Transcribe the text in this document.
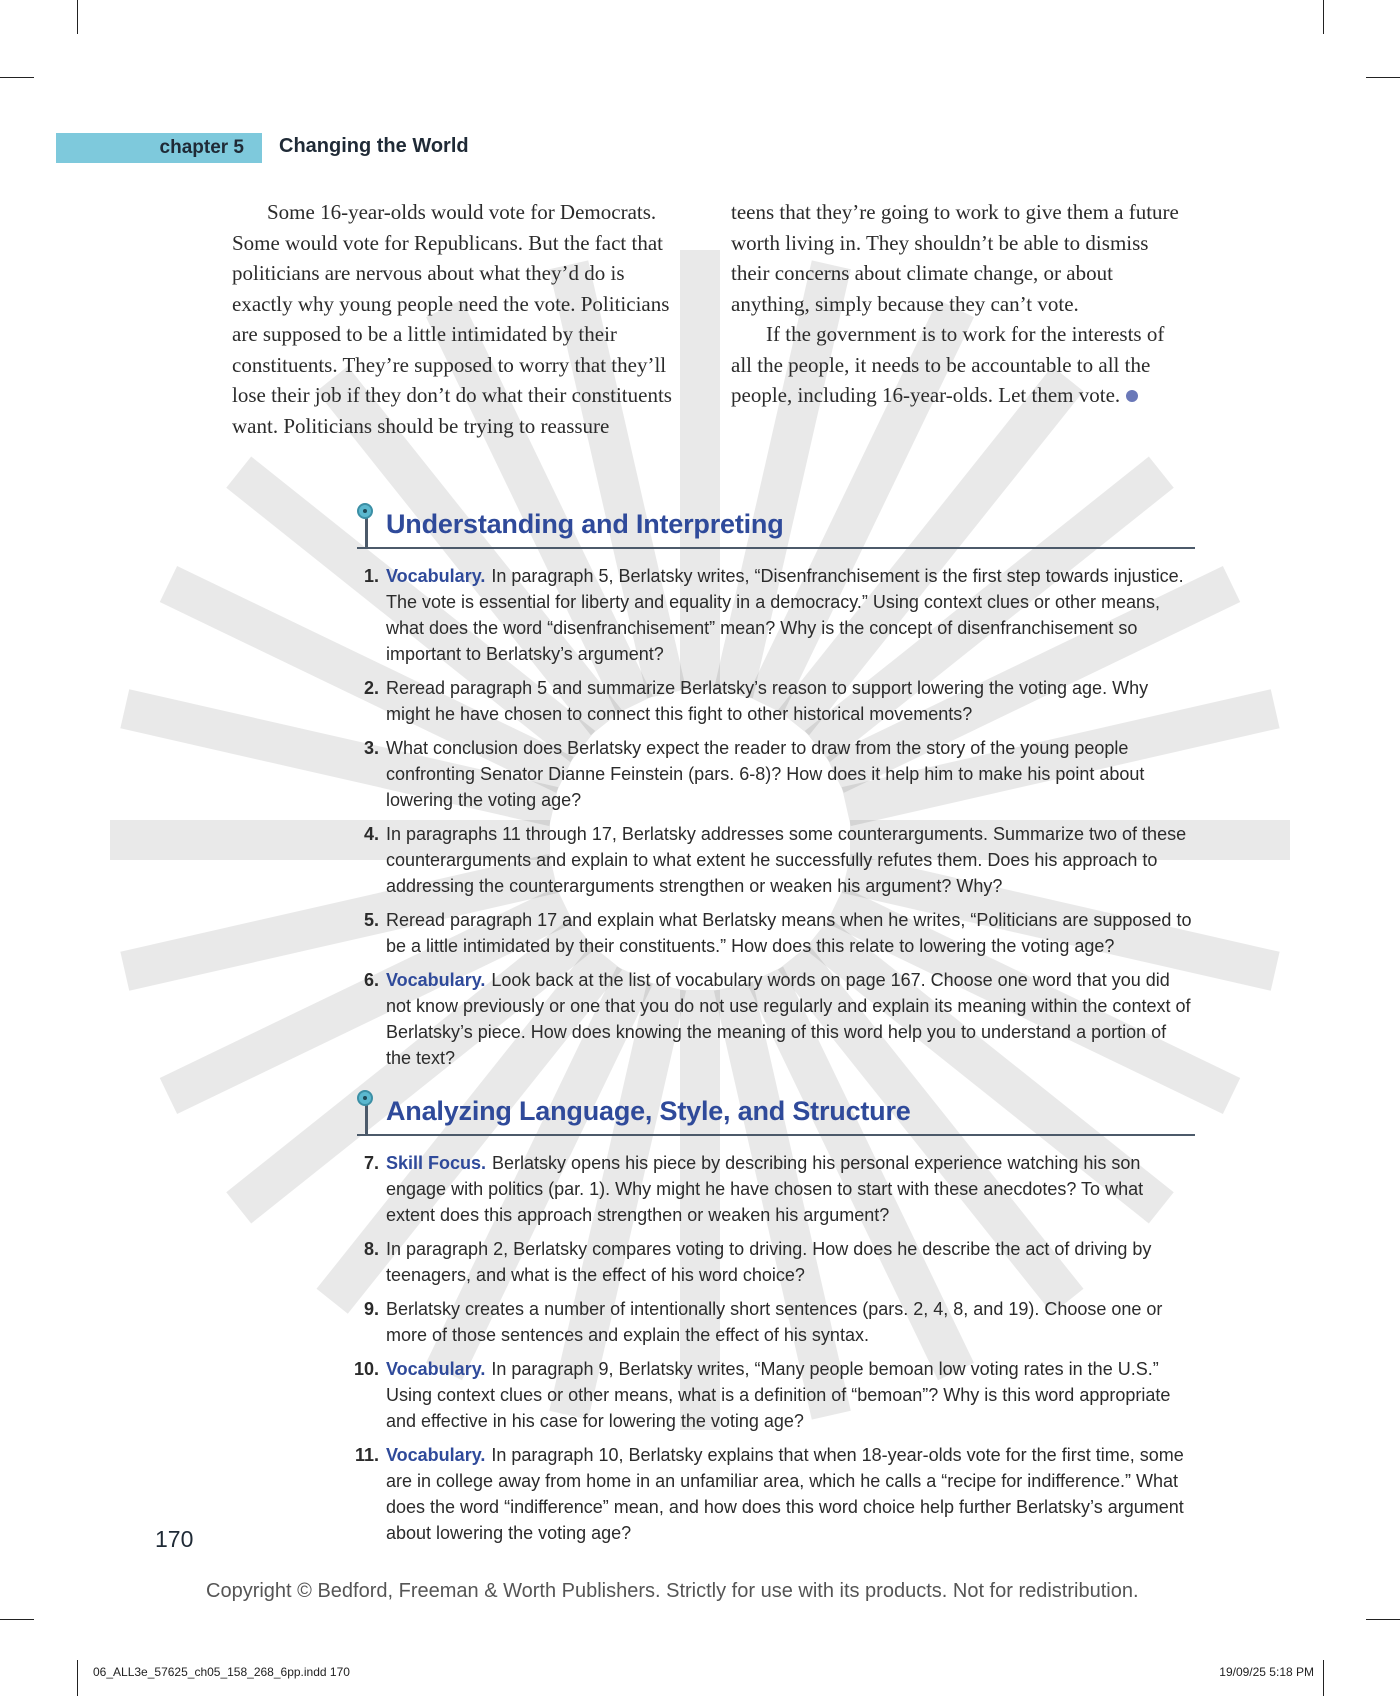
chapter 5	Changing the World

Some 16-year-olds would vote for Democrats. Some would vote for Republicans. But the fact that politicians are nervous about what they’d do is exactly why young people need the vote. Politicians are supposed to be a little intimidated by their constituents. They’re supposed to worry that they’ll lose their job if they don’t do what their constituents want. Politicians should be trying to reassure

teens that they’re going to work to give them a future worth living in. They shouldn’t be able to dismiss their concerns about climate change, or about anything, simply because they can’t vote.

If the government is to work for the interests of all the people, it needs to be accountable to all the people, including 16-year-olds. Let them vote.

Understanding and Interpreting
1. Vocabulary. In paragraph 5, Berlatsky writes, “Disenfranchisement is the first step towards injustice. The vote is essential for liberty and equality in a democracy.” Using context clues or other means, what does the word “disenfranchisement” mean? Why is the concept of disenfranchisement so important to Berlatsky’s argument?
2. Reread paragraph 5 and summarize Berlatsky’s reason to support lowering the voting age. Why might he have chosen to connect this fight to other historical movements?
3. What conclusion does Berlatsky expect the reader to draw from the story of the young people confronting Senator Dianne Feinstein (pars. 6-8)? How does it help him to make his point about lowering the voting age?
4. In paragraphs 11 through 17, Berlatsky addresses some counterarguments. Summarize two of these counterarguments and explain to what extent he successfully refutes them. Does his approach to addressing the counterarguments strengthen or weaken his argument? Why?
5. Reread paragraph 17 and explain what Berlatsky means when he writes, “Politicians are supposed to be a little intimidated by their constituents.” How does this relate to lowering the voting age?
6. Vocabulary. Look back at the list of vocabulary words on page 167. Choose one word that you did not know previously or one that you do not use regularly and explain its meaning within the context of Berlatsky’s piece. How does knowing the meaning of this word help you to understand a portion of the text?
Analyzing Language, Style, and Structure
7. Skill Focus. Berlatsky opens his piece by describing his personal experience watching his son engage with politics (par. 1). Why might he have chosen to start with these anecdotes? To what extent does this approach strengthen or weaken his argument?
8. In paragraph 2, Berlatsky compares voting to driving. How does he describe the act of driving by teenagers, and what is the effect of his word choice?
9. Berlatsky creates a number of intentionally short sentences (pars. 2, 4, 8, and 19). Choose one or more of those sentences and explain the effect of his syntax.
10. Vocabulary. In paragraph 9, Berlatsky writes, “Many people bemoan low voting rates in the U.S.” Using context clues or other means, what is a definition of “bemoan”? Why is this word appropriate and effective in his case for lowering the voting age?
11. Vocabulary. In paragraph 10, Berlatsky explains that when 18-year-olds vote for the first time, some are in college away from home in an unfamiliar area, which he calls a “recipe for indifference.” What does the word “indifference” mean, and how does this word choice help further Berlatsky’s argument about lowering the voting age?
170
Copyright © Bedford, Freeman & Worth Publishers. Strictly for use with its products. Not for redistribution.
06_ALL3e_57625_ch05_158_268_6pp.indd 170	19/09/25 5:18 PM
